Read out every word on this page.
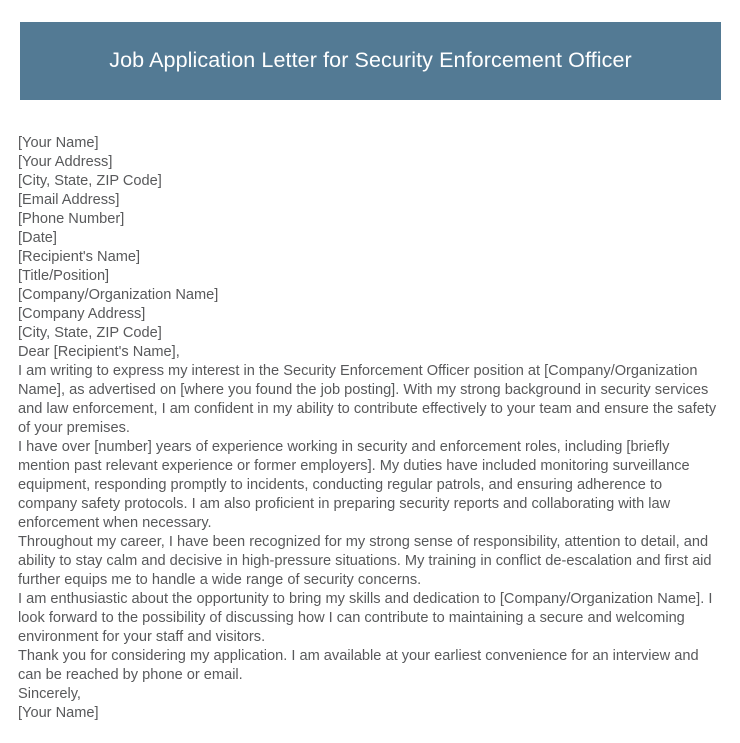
Job Application Letter for Security Enforcement Officer
[Your Name]
[Your Address]
[City, State, ZIP Code]
[Email Address]
[Phone Number]
[Date]
[Recipient's Name]
[Title/Position]
[Company/Organization Name]
[Company Address]
[City, State, ZIP Code]
Dear [Recipient's Name],

I am writing to express my interest in the Security Enforcement Officer position at [Company/Organization Name], as advertised on [where you found the job posting]. With my strong background in security services and law enforcement, I am confident in my ability to contribute effectively to your team and ensure the safety of your premises.

I have over [number] years of experience working in security and enforcement roles, including [briefly mention past relevant experience or former employers]. My duties have included monitoring surveillance equipment, responding promptly to incidents, conducting regular patrols, and ensuring adherence to company safety protocols. I am also proficient in preparing security reports and collaborating with law enforcement when necessary.

Throughout my career, I have been recognized for my strong sense of responsibility, attention to detail, and ability to stay calm and decisive in high-pressure situations. My training in conflict de-escalation and first aid further equips me to handle a wide range of security concerns.

I am enthusiastic about the opportunity to bring my skills and dedication to [Company/Organization Name]. I look forward to the possibility of discussing how I can contribute to maintaining a secure and welcoming environment for your staff and visitors.

Thank you for considering my application. I am available at your earliest convenience for an interview and can be reached by phone or email.

Sincerely,
[Your Name]
